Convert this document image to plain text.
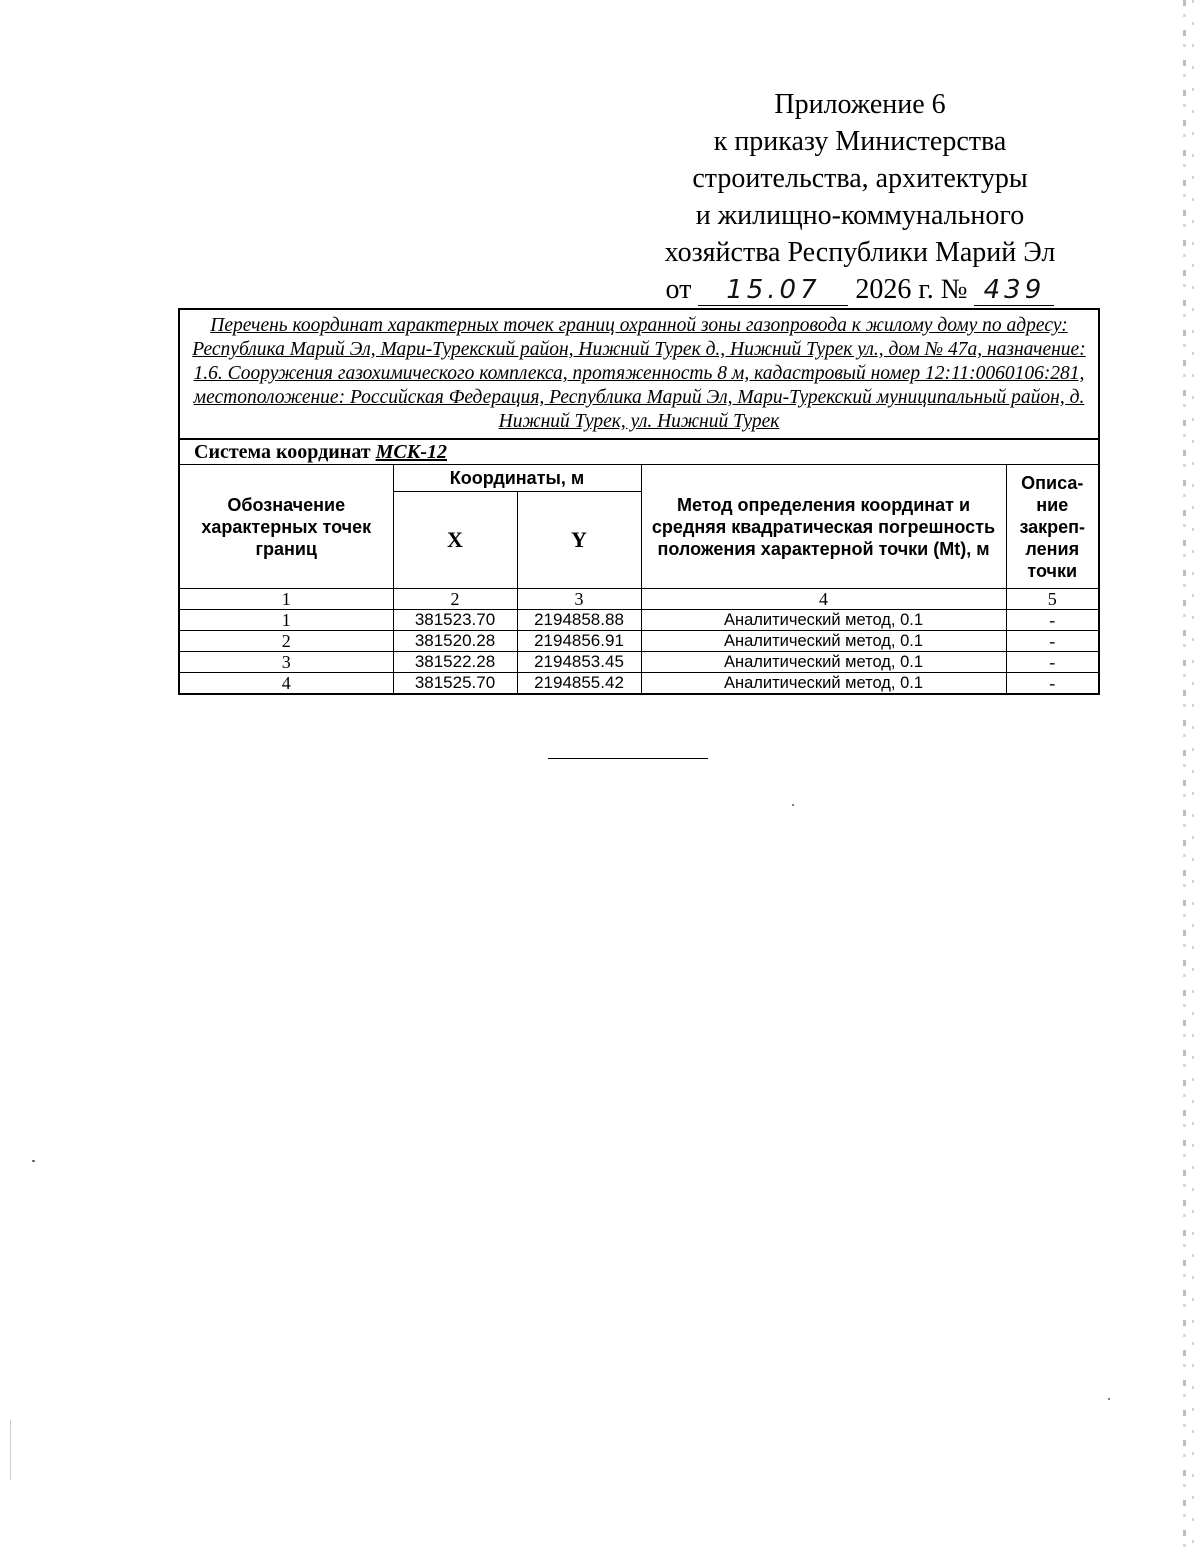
Приложение 6
к приказу Министерства
строительства, архитектуры
и жилищно-коммунального
хозяйства Республики Марий Эл
от 15.07 2026 г. № 439
Перечень координат характерных точек границ охранной зоны газопровода к жилому дому по адресу: Республика Марий Эл, Мари-Турекский район, Нижний Турек д., Нижний Турек ул., дом № 47а, назначение: 1.6. Сооружения газохимического комплекса, протяженность 8 м, кадастровый номер 12:11:0060106:281, местоположение: Российская Федерация, Республика Марий Эл, Мари-Турекский муниципальный район, д. Нижний Турек, ул. Нижний Турек
Система координат МСК-12
Обозначение характерных точек границ	Координаты, м		Метод определения координат и средняя квадратическая погрешность положения характерной точки (Mt), м	Описа-ние закреп-ления точки
	X	Y		
1	2	3	4	5
1	381523.70	2194858.88	Аналитический метод, 0.1	-
2	381520.28	2194856.91	Аналитический метод, 0.1	-
3	381522.28	2194853.45	Аналитический метод, 0.1	-
4	381525.70	2194855.42	Аналитический метод, 0.1	-
